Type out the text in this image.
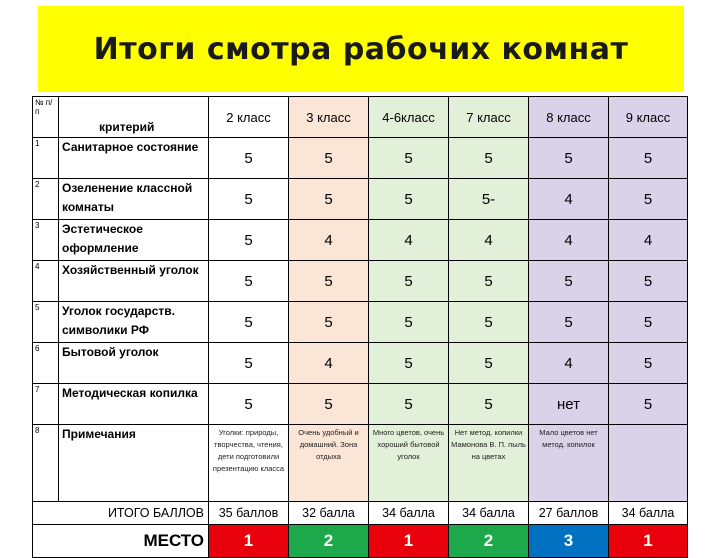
Итоги смотра рабочих комнат
№ п/п	критерий	2 класс	3 класс	4-6класс	7 класс	8 класс	9 класс
1	Санитарное состояние	5	5	5	5	5	5
2	Озеленение классной комнаты	5	5	5	5-	4	5
3	Эстетическое оформление	5	4	4	4	4	4
4	Хозяйственный уголок	5	5	5	5	5	5
5	Уголок государств. символики РФ	5	5	5	5	5	5
6	Бытовой уголок	5	4	5	5	4	5
7	Методическая копилка	5	5	5	5	нет	5
8	Примечания	Уголки: природы, творчества, чтения, дети подготовили презентацию класса	Очень удобный и домашний. Зона отдыха	Много цветов, очень хороший бытовой уголок	Нет метод. копилки Мамонова В. П. пыль на цветах	Мало цветов нет метод. копилок	
ИТОГО БАЛЛОВ		35 баллов	32 балла	34 балла	34 балла	27 баллов	34 балла
МЕСТО		1	2	1	2	3	1
